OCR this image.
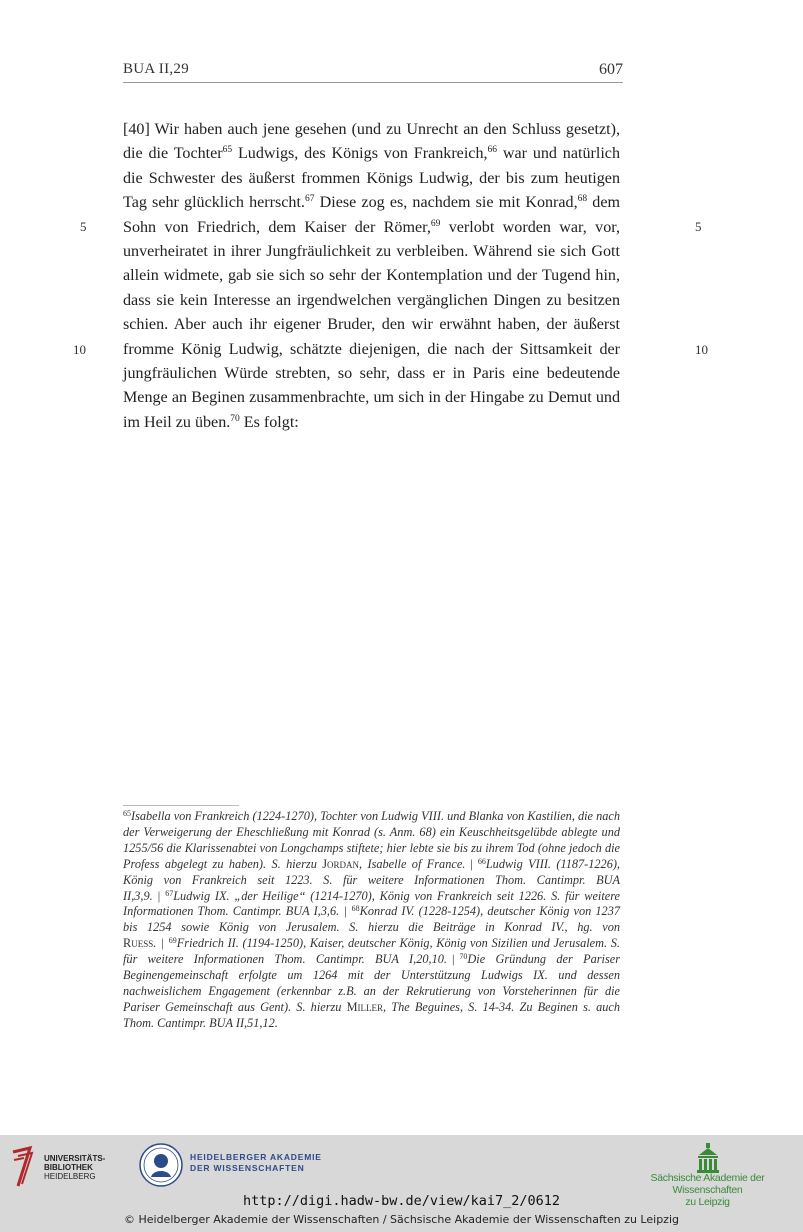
BUA II,29	607
5	5
10	10
[40] Wir haben auch jene gesehen (und zu Unrecht an den Schluss gesetzt), die die Tochter$^{65}$ Ludwigs, des Königs von Frankreich,$^{66}$ war und natürlich die Schwester des äußerst frommen Königs Ludwig, der bis zum heutigen Tag sehr glücklich herrscht.$^{67}$ Diese zog es, nachdem sie mit Konrad,$^{68}$ dem Sohn von Friedrich, dem Kaiser der Römer,$^{69}$ verlobt worden war, vor, unverheiratet in ihrer Jungfräulichkeit zu verbleiben. Während sie sich Gott allein widmete, gab sie sich so sehr der Kontemplation und der Tugend hin, dass sie kein Interesse an irgendwelchen vergänglichen Dingen zu besitzen schien. Aber auch ihr eigener Bruder, den wir erwähnt haben, der äußerst fromme König Ludwig, schätzte diejenigen, die nach der Sittsamkeit der jungfräulichen Würde strebten, so sehr, dass er in Paris eine bedeutende Menge an Beginen zusammenbrachte, um sich in der Hingabe zu Demut und im Heil zu üben.$^{70}$ Es folgt:
$^{65}$Isabella von Frankreich (1224-1270), Tochter von Ludwig VIII. und Blanka von Kastilien, die nach der Verweigerung der Eheschließung mit Konrad (s. Anm. 68) ein Keuschheitsgelübde ablegte und 1255/56 die Klarissenabtei von Longchamps stiftete; hier lebte sie bis zu ihrem Tod (ohne jedoch die Profess abgelegt zu haben). S. hierzu Jordan, Isabelle of France. | $^{66}$Ludwig VIII. (1187-1226), König von Frankreich seit 1223. S. für weitere Informationen Thom. Cantimpr. BUA II,3,9. | $^{67}$Ludwig IX. „der Heilige“ (1214-1270), König von Frankreich seit 1226. S. für weitere Informationen Thom. Cantimpr. BUA I,3,6. | $^{68}$Konrad IV. (1228-1254), deutscher König von 1237 bis 1254 sowie König von Jerusalem. S. hierzu die Beiträge in Konrad IV., hg. von Ruess. | $^{69}$Friedrich II. (1194-1250), Kaiser, deutscher König, König von Sizilien und Jerusalem. S. für weitere Informationen Thom. Cantimpr. BUA I,20,10. | $^{70}$Die Gründung der Pariser Beginengemeinschaft erfolgte um 1264 mit der Unterstützung Ludwigs IX. und dessen nachweislichem Engagement (erkennbar z.B. an der Rekrutierung von Vorsteherinnen für die Pariser Gemeinschaft aus Gent). S. hierzu Miller, The Beguines, S. 14-34. Zu Beginen s. auch Thom. Cantimpr. BUA II,51,12.
UNIVERSITÄTS-
BIBLIOTHEK
HEIDELBERG
HEIDELBERGER AKADEMIE
DER WISSENSCHAFTEN
Sächsische Akademie der Wissenschaften
zu Leipzig
http://digi.hadw-bw.de/view/kai7_2/0612
© Heidelberger Akademie der Wissenschaften / Sächsische Akademie der Wissenschaften zu Leipzig
